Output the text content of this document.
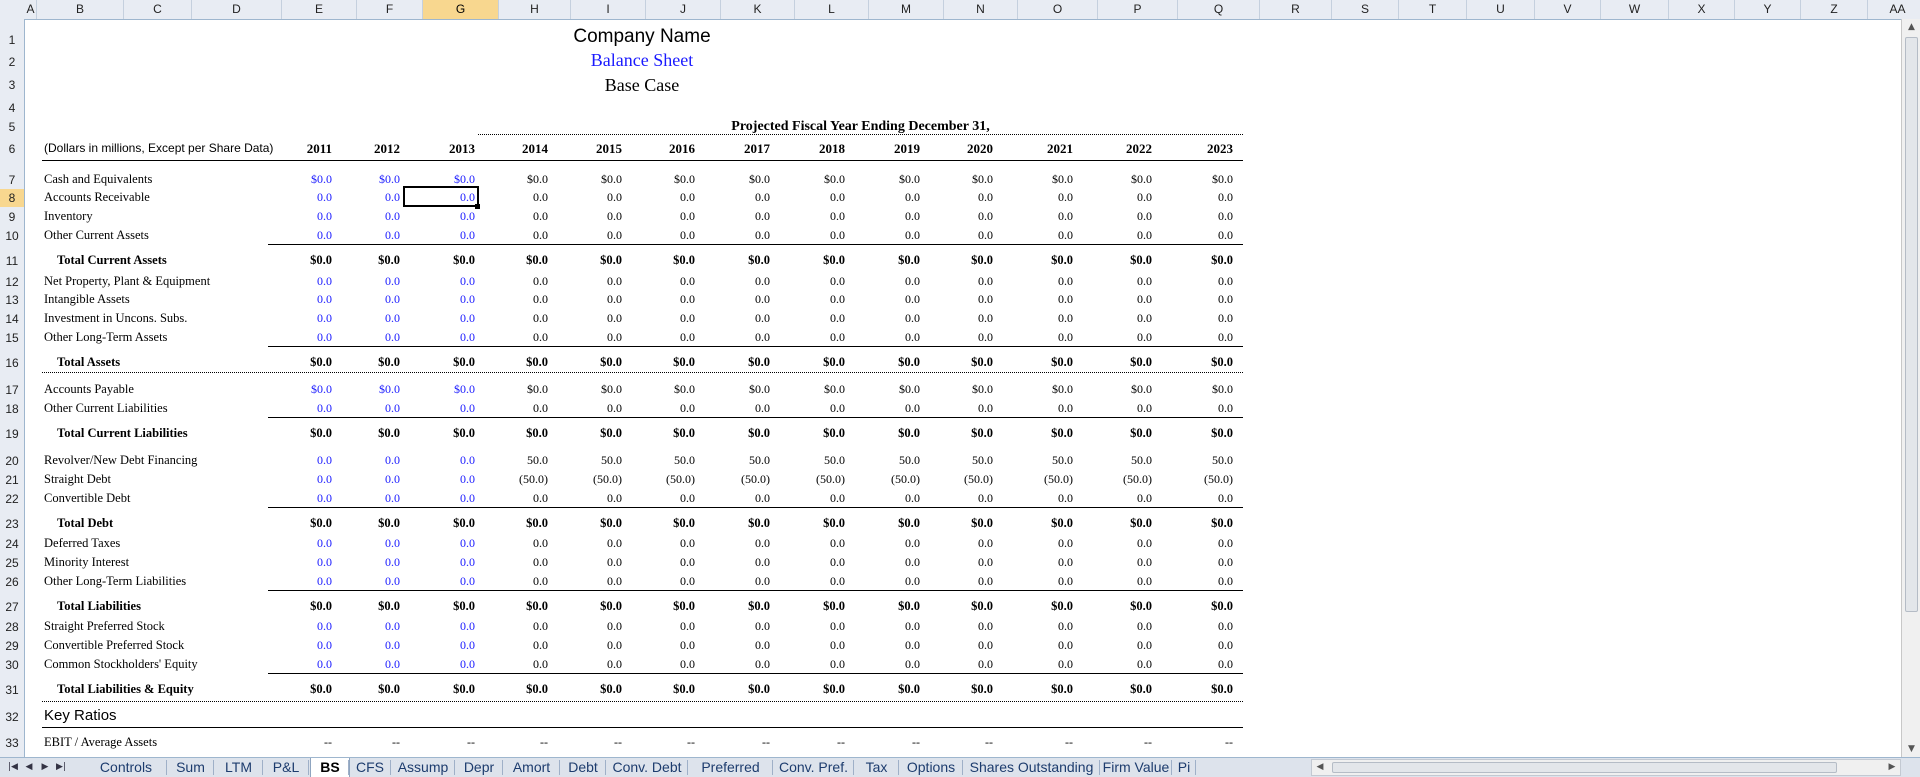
A	B	C	D	E	F	G	H	I	J	K	L	M	N	O	P	Q	R	S	T	U	V	W	X	Y	Z	AA
1
2
3
4
5
6
7
8
9
10
11
12
13
14
15
16
17
18
19
20
21
22
23
24
25
26
27
28
29
30
31
32
33
Company Name
Balance Sheet
Base Case
Projected Fiscal Year Ending December 31,
(Dollars in millions, Except per Share Data)	2011	2012	2013	2014	2015	2016	2017	2018	2019	2020	2021	2022	2023
Cash and Equivalents	$0.0	$0.0	$0.0	$0.0	$0.0	$0.0	$0.0	$0.0	$0.0	$0.0	$0.0	$0.0	$0.0
Accounts Receivable	0.0	0.0	0.0	0.0	0.0	0.0	0.0	0.0	0.0	0.0	0.0	0.0	0.0
Inventory	0.0	0.0	0.0	0.0	0.0	0.0	0.0	0.0	0.0	0.0	0.0	0.0	0.0
Other Current Assets	0.0	0.0	0.0	0.0	0.0	0.0	0.0	0.0	0.0	0.0	0.0	0.0	0.0
Total Current Assets	$0.0	$0.0	$0.0	$0.0	$0.0	$0.0	$0.0	$0.0	$0.0	$0.0	$0.0	$0.0	$0.0
Net Property, Plant & Equipment	0.0	0.0	0.0	0.0	0.0	0.0	0.0	0.0	0.0	0.0	0.0	0.0	0.0
Intangible Assets	0.0	0.0	0.0	0.0	0.0	0.0	0.0	0.0	0.0	0.0	0.0	0.0	0.0
Investment in Uncons. Subs.	0.0	0.0	0.0	0.0	0.0	0.0	0.0	0.0	0.0	0.0	0.0	0.0	0.0
Other Long-Term Assets	0.0	0.0	0.0	0.0	0.0	0.0	0.0	0.0	0.0	0.0	0.0	0.0	0.0
Total Assets	$0.0	$0.0	$0.0	$0.0	$0.0	$0.0	$0.0	$0.0	$0.0	$0.0	$0.0	$0.0	$0.0
Accounts Payable	$0.0	$0.0	$0.0	$0.0	$0.0	$0.0	$0.0	$0.0	$0.0	$0.0	$0.0	$0.0	$0.0
Other Current Liabilities	0.0	0.0	0.0	0.0	0.0	0.0	0.0	0.0	0.0	0.0	0.0	0.0	0.0
Total Current Liabilities	$0.0	$0.0	$0.0	$0.0	$0.0	$0.0	$0.0	$0.0	$0.0	$0.0	$0.0	$0.0	$0.0
Revolver/New Debt Financing	0.0	0.0	0.0	50.0	50.0	50.0	50.0	50.0	50.0	50.0	50.0	50.0	50.0
Straight Debt	0.0	0.0	0.0	(50.0)	(50.0)	(50.0)	(50.0)	(50.0)	(50.0)	(50.0)	(50.0)	(50.0)	(50.0)
Convertible Debt	0.0	0.0	0.0	0.0	0.0	0.0	0.0	0.0	0.0	0.0	0.0	0.0	0.0
Total Debt	$0.0	$0.0	$0.0	$0.0	$0.0	$0.0	$0.0	$0.0	$0.0	$0.0	$0.0	$0.0	$0.0
Deferred Taxes	0.0	0.0	0.0	0.0	0.0	0.0	0.0	0.0	0.0	0.0	0.0	0.0	0.0
Minority Interest	0.0	0.0	0.0	0.0	0.0	0.0	0.0	0.0	0.0	0.0	0.0	0.0	0.0
Other Long-Term Liabilities	0.0	0.0	0.0	0.0	0.0	0.0	0.0	0.0	0.0	0.0	0.0	0.0	0.0
Total Liabilities	$0.0	$0.0	$0.0	$0.0	$0.0	$0.0	$0.0	$0.0	$0.0	$0.0	$0.0	$0.0	$0.0
Straight Preferred Stock	0.0	0.0	0.0	0.0	0.0	0.0	0.0	0.0	0.0	0.0	0.0	0.0	0.0
Convertible Preferred Stock	0.0	0.0	0.0	0.0	0.0	0.0	0.0	0.0	0.0	0.0	0.0	0.0	0.0
Common Stockholders' Equity	0.0	0.0	0.0	0.0	0.0	0.0	0.0	0.0	0.0	0.0	0.0	0.0	0.0
Total Liabilities & Equity	$0.0	$0.0	$0.0	$0.0	$0.0	$0.0	$0.0	$0.0	$0.0	$0.0	$0.0	$0.0	$0.0
Key Ratios
EBIT / Average Assets	--	--	--	--	--	--	--	--	--	--	--	--	--
▲
▼
|◀ ◀	▶ ▶|	Controls	Sum	LTM	P&L	BS	CFS Assump	Depr	Amort	Debt	Conv. Debt	Preferred	Conv. Pref.	Tax	Options	Shares Outstanding Firm Value Pi	◀	▶
